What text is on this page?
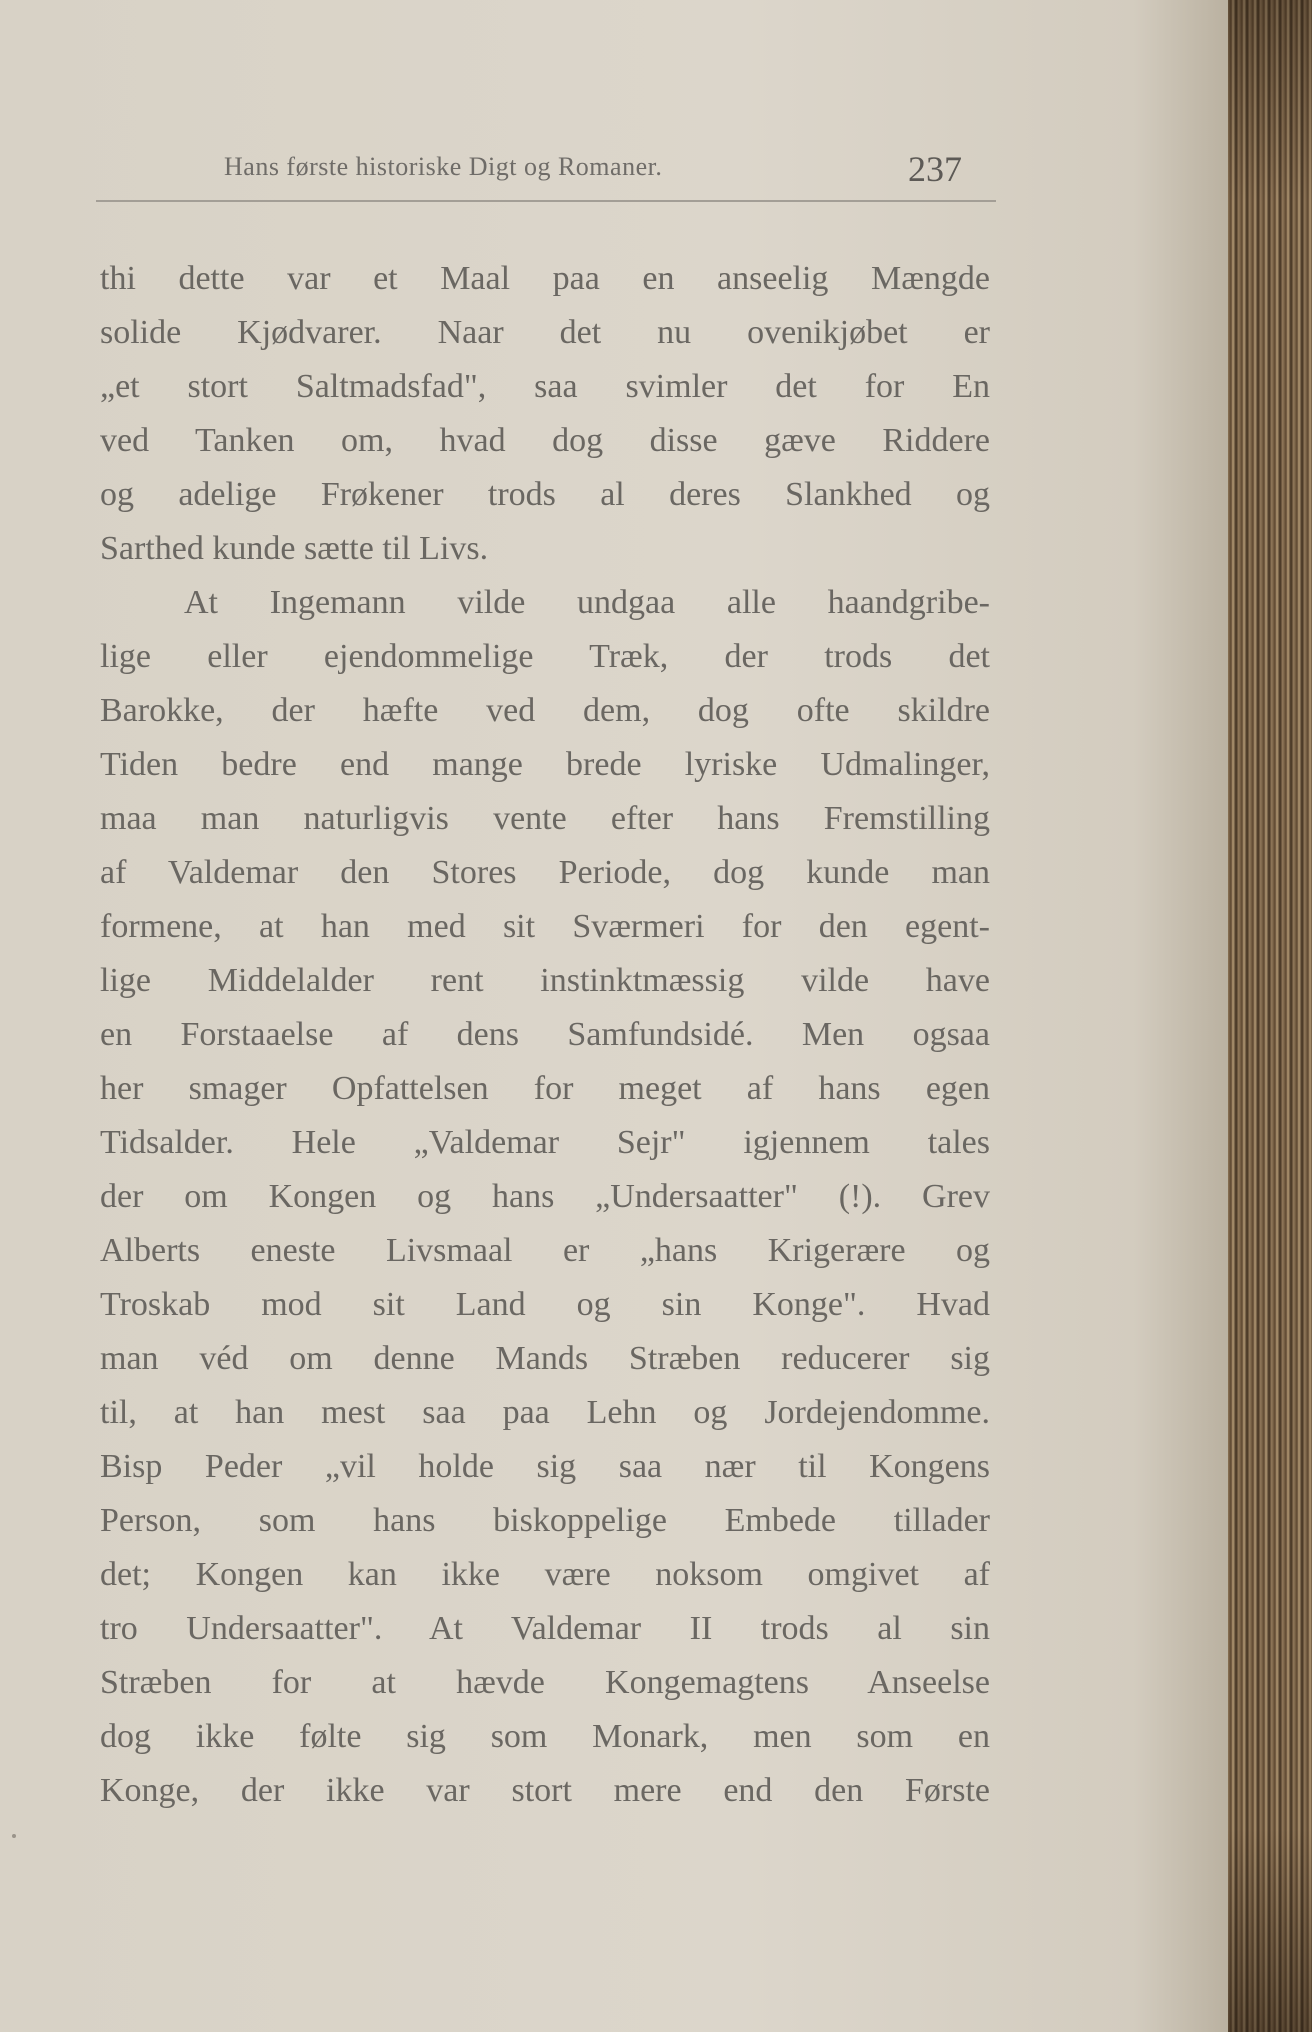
Hans første historiske Digt og Romaner.	237
thi dette var et Maal paa en anseelig Mængde
solide Kjødvarer. Naar det nu ovenikjøbet er
„et stort Saltmadsfad", saa svimler det for En
ved Tanken om, hvad dog disse gæve Riddere
og adelige Frøkener trods al deres Slankhed og
Sarthed kunde sætte til Livs.
At Ingemann vilde undgaa alle haandgribe-
lige eller ejendommelige Træk, der trods det
Barokke, der hæfte ved dem, dog ofte skildre
Tiden bedre end mange brede lyriske Udmalinger,
maa man naturligvis vente efter hans Fremstilling
af Valdemar den Stores Periode, dog kunde man
formene, at han med sit Sværmeri for den egent-
lige Middelalder rent instinktmæssig vilde have
en Forstaaelse af dens Samfundsidé. Men ogsaa
her smager Opfattelsen for meget af hans egen
Tidsalder. Hele „Valdemar Sejr" igjennem tales
der om Kongen og hans „Undersaatter" (!). Grev
Alberts eneste Livsmaal er „hans Krigerære og
Troskab mod sit Land og sin Konge". Hvad
man véd om denne Mands Stræben reducerer sig
til, at han mest saa paa Lehn og Jordejendomme.
Bisp Peder „vil holde sig saa nær til Kongens
Person, som hans biskoppelige Embede tillader
det; Kongen kan ikke være noksom omgivet af
tro Undersaatter". At Valdemar II trods al sin
Stræben for at hævde Kongemagtens Anseelse
dog ikke følte sig som Monark, men som en
Konge, der ikke var stort mere end den Første
